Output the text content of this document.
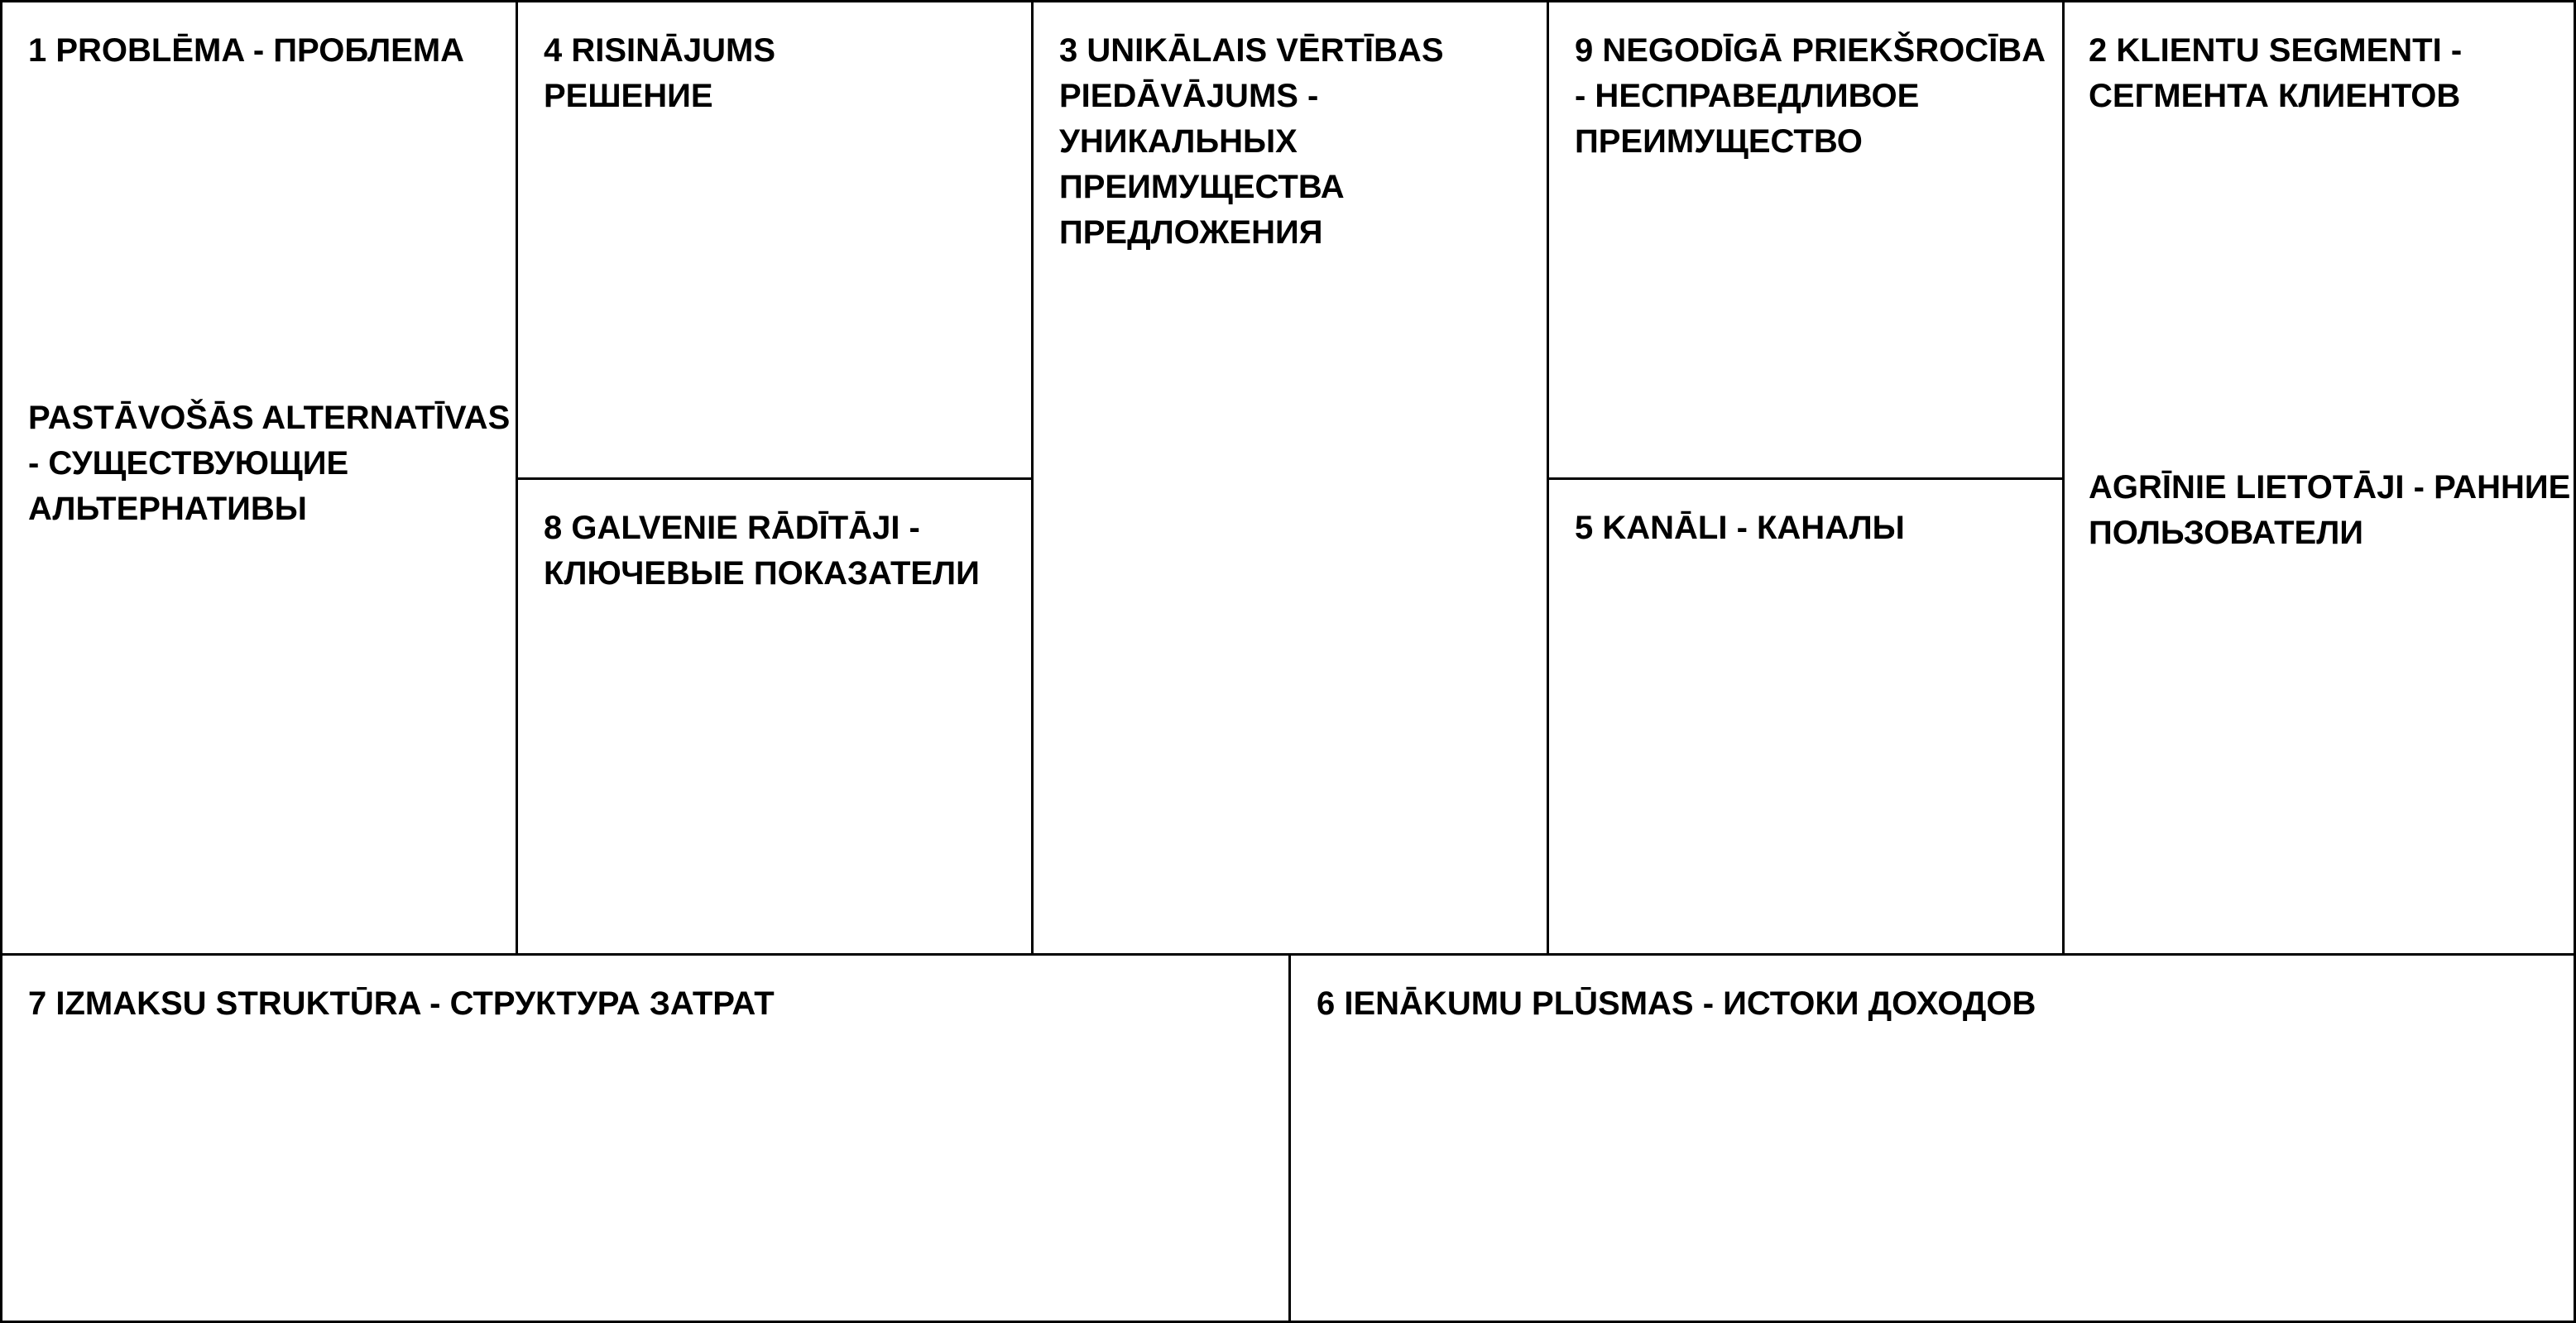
1 PROBLĒMA - ПРОБЛЕМА

PASTĀVOŠĀS ALTERNATĪVAS
- СУЩЕСТВУЮЩИЕ
АЛЬТЕРНАТИВЫ

4 RISINĀJUMS
РЕШЕНИЕ

8 GALVENIE RĀDĪTĀJI -
КЛЮЧЕВЫЕ ПОКАЗАТЕЛИ

3 UNIKĀLAIS VĒRTĪBAS
PIEDĀVĀJUMS -
УНИКАЛЬНЫХ
ПРЕИМУЩЕСТВА
ПРЕДЛОЖЕНИЯ

9 NEGODĪGĀ PRIEKŠROCĪBA
- НЕСПРАВЕДЛИВОЕ
ПРЕИМУЩЕСТВО

5 KANĀLI - КАНАЛЫ

2 KLIENTU SEGMENTI -
СЕГМЕНТА КЛИЕНТОВ

AGRĪNIE LIETOTĀJI - РАННИЕ
ПОЛЬЗОВАТЕЛИ

7 IZMAKSU STRUKTŪRA - СТРУКТУРА ЗАТРАТ	6 IENĀKUMU PLŪSMAS - ИСТОКИ ДОХОДОВ
